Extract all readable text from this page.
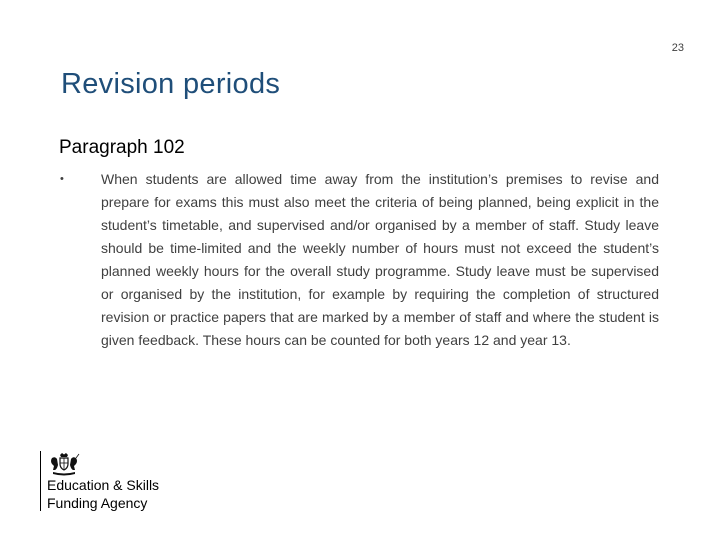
23
Revision periods
Paragraph 102
•	When students are allowed time away from the institution’s premises to revise and prepare for exams this must also meet the criteria of being planned, being explicit in the student’s timetable, and supervised and/or organised by a member of staff. Study leave should be time-limited and the weekly number of hours must not exceed the student’s planned weekly hours for the overall study programme. Study leave must be supervised or organised by the institution, for example by requiring the completion of structured revision or practice papers that are marked by a member of staff and where the student is given feedback. These hours can be counted for both years 12 and year 13.
Education & Skills
Funding Agency
